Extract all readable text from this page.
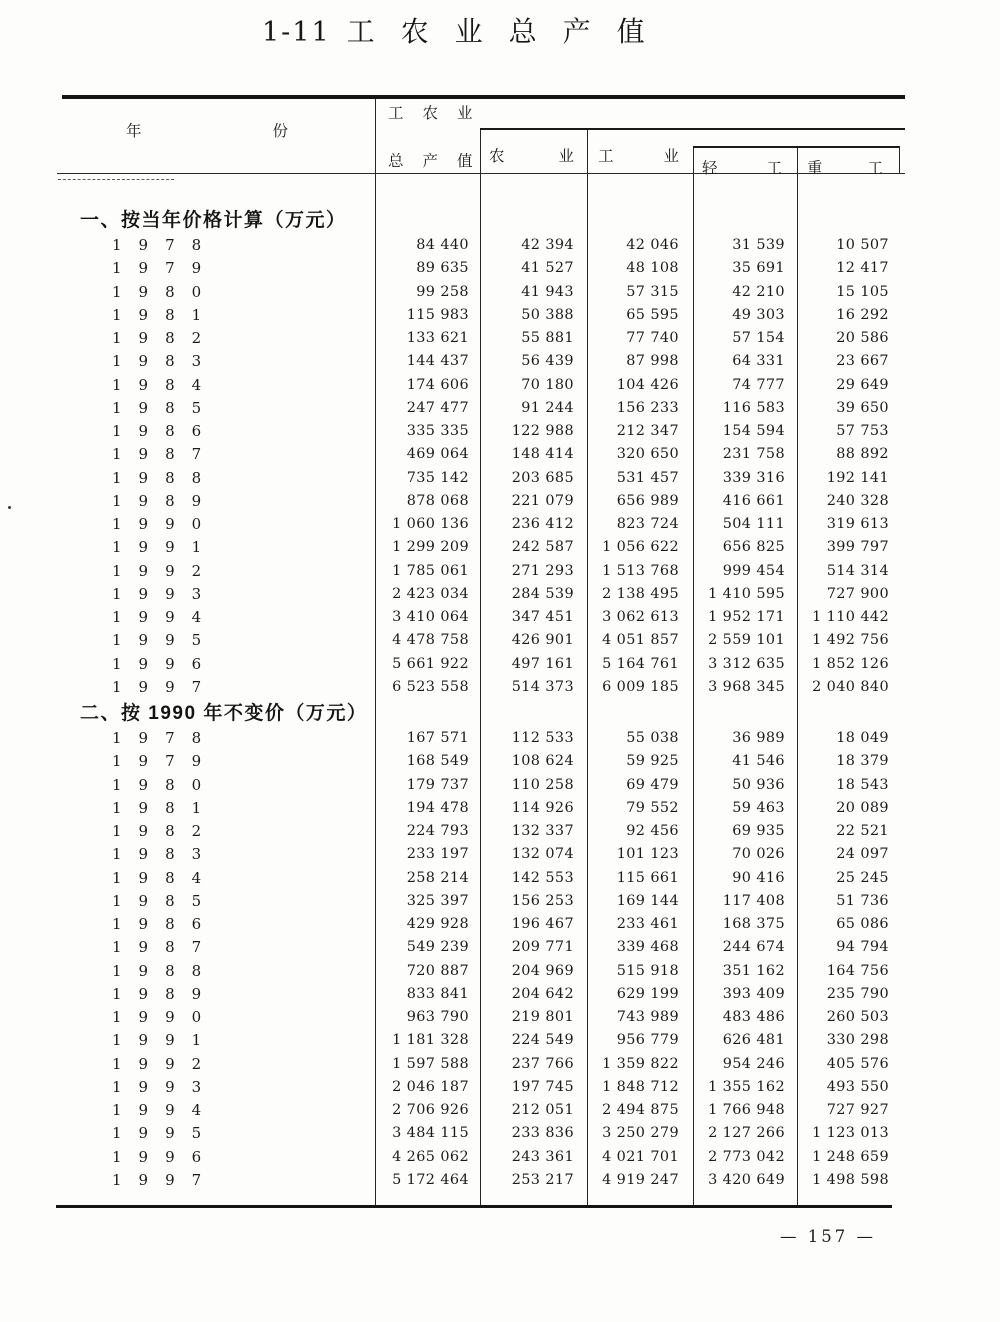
1-11 工农业总产值
年	份
工农业
总产值
农	业 工	业
轻	工 重	工
一、按当年价格计算（万元）
1978	84 440	42 394	42 046	31 539	10 507
1979	89 635	41 527	48 108	35 691	12 417
1980	99 258	41 943	57 315	42 210	15 105
1981	115 983	50 388	65 595	49 303	16 292
1982	133 621	55 881	77 740	57 154	20 586
1983	144 437	56 439	87 998	64 331	23 667
1984	174 606	70 180	104 426	74 777	29 649
1985	247 477	91 244	156 233	116 583	39 650
1986	335 335	122 988	212 347	154 594	57 753
1987	469 064	148 414	320 650	231 758	88 892
1988	735 142	203 685	531 457	339 316	192 141
1989	878 068	221 079	656 989	416 661	240 328
1990	1 060 136	236 412	823 724	504 111	319 613
1991	1 299 209	242 587	1 056 622	656 825	399 797
1992	1 785 061	271 293	1 513 768	999 454	514 314
1993	2 423 034	284 539	2 138 495	1 410 595	727 900
1994	3 410 064	347 451	3 062 613	1 952 171	1 110 442
1995	4 478 758	426 901	4 051 857	2 559 101	1 492 756
1996	5 661 922	497 161	5 164 761	3 312 635	1 852 126
1997	6 523 558	514 373	6 009 185	3 968 345	2 040 840
二、按 1990 年不变价（万元）
1978	167 571	112 533	55 038	36 989	18 049
1979	168 549	108 624	59 925	41 546	18 379
1980	179 737	110 258	69 479	50 936	18 543
1981	194 478	114 926	79 552	59 463	20 089
1982	224 793	132 337	92 456	69 935	22 521
1983	233 197	132 074	101 123	70 026	24 097
1984	258 214	142 553	115 661	90 416	25 245
1985	325 397	156 253	169 144	117 408	51 736
1986	429 928	196 467	233 461	168 375	65 086
1987	549 239	209 771	339 468	244 674	94 794
1988	720 887	204 969	515 918	351 162	164 756
1989	833 841	204 642	629 199	393 409	235 790
1990	963 790	219 801	743 989	483 486	260 503
1991	1 181 328	224 549	956 779	626 481	330 298
1992	1 597 588	237 766	1 359 822	954 246	405 576
1993	2 046 187	197 745	1 848 712	1 355 162	493 550
1994	2 706 926	212 051	2 494 875	1 766 948	727 927
1995	3 484 115	233 836	3 250 279	2 127 266	1 123 013
1996	4 265 062	243 361	4 021 701	2 773 042	1 248 659
1997	5 172 464	253 217	4 919 247	3 420 649	1 498 598
— 157 —
